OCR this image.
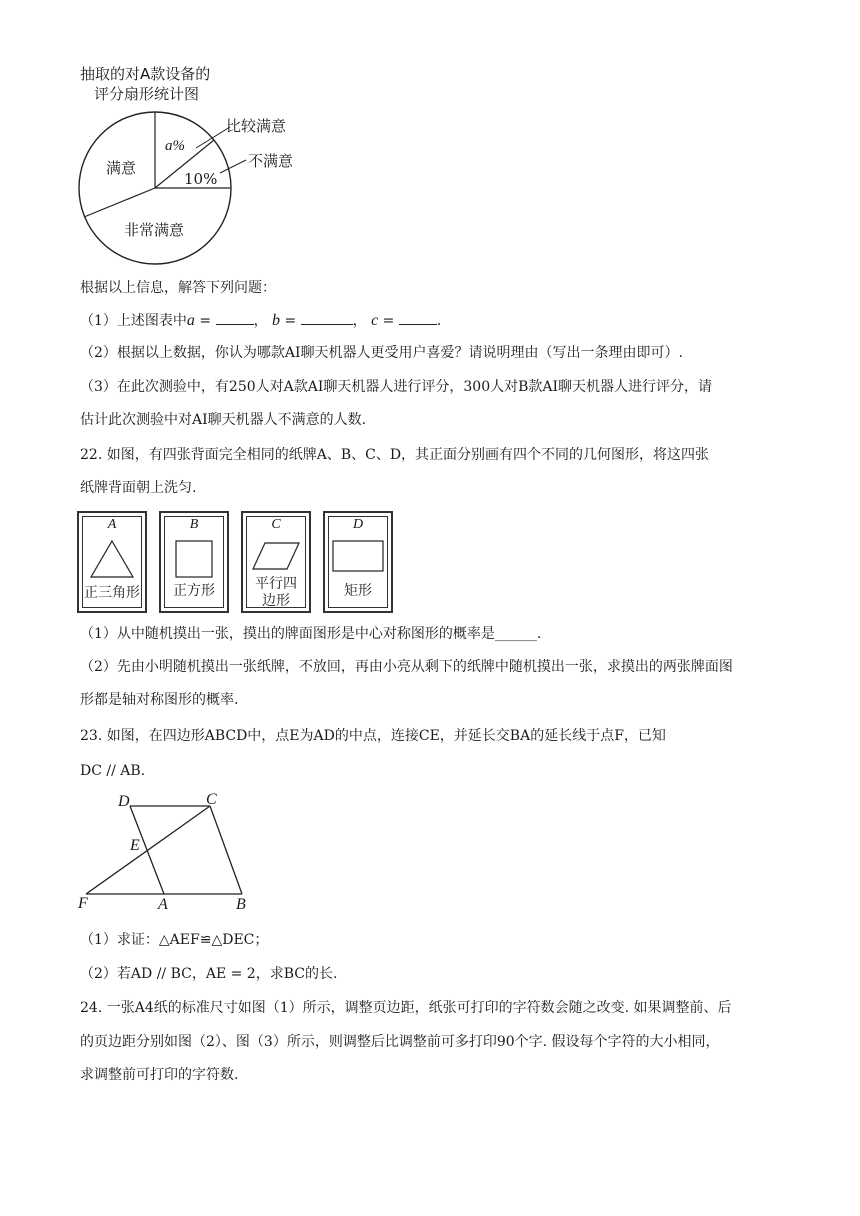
抽取的对A款设备的
评分扇形统计图
满意
a%
10%
非常满意
比较满意
不满意
根据以上信息，解答下列问题：
（1）上述图表中a =	， b =	， c =	.
（2）根据以上数据，你认为哪款AI聊天机器人更受用户喜爱？请说明理由（写出一条理由即可）.
（3）在此次测验中，有250人对A款AI聊天机器人进行评分，300人对B款AI聊天机器人进行评分，请
估计此次测验中对AI聊天机器人不满意的人数.
22. 如图，有四张背面完全相同的纸牌A、B、C、D，其正面分别画有四个不同的几何图形，将这四张
纸牌背面朝上洗匀.
A
正三角形
B
正方形
C
平行四
边形
D
矩形
（1）从中随机摸出一张，摸出的牌面图形是中心对称图形的概率是______.
（2）先由小明随机摸出一张纸牌，不放回，再由小亮从剩下的纸牌中随机摸出一张，求摸出的两张牌面图
形都是轴对称图形的概率.
23. 如图，在四边形ABCD中，点E为AD的中点，连接CE，并延长交BA的延长线于点F，已知
DC // AB.
D	C
E
F	A	B
（1）求证：△AEF≌△DEC；
（2）若AD // BC，AE = 2，求BC的长.
24. 一张A4纸的标准尺寸如图（1）所示，调整页边距，纸张可打印的字符数会随之改变. 如果调整前、后
的页边距分别如图（2）、图（3）所示，则调整后比调整前可多打印90个字. 假设每个字符的大小相同，
求调整前可打印的字符数.
